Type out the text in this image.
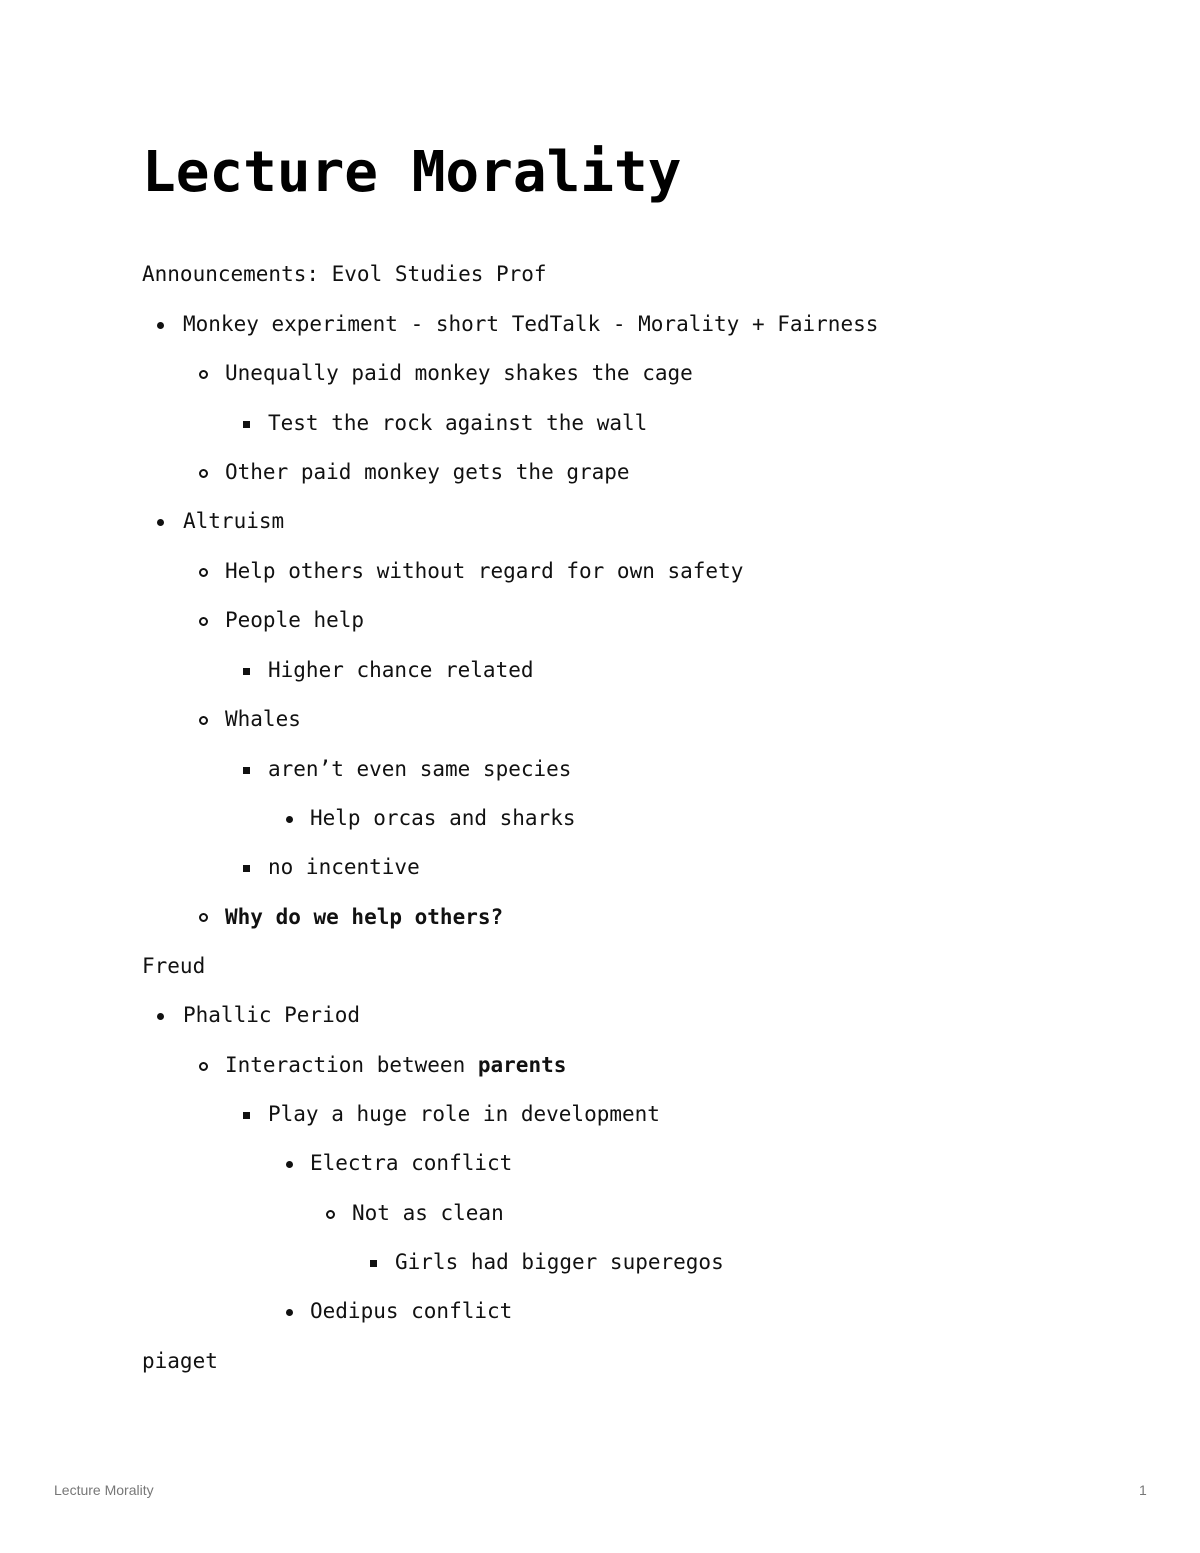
Lecture Morality
Announcements: Evol Studies Prof
Monkey experiment - short TedTalk - Morality + Fairness
Unequally paid monkey shakes the cage
Test the rock against the wall
Other paid monkey gets the grape
Altruism
Help others without regard for own safety
People help
Higher chance related
Whales
aren’t even same species
Help orcas and sharks
no incentive
Why do we help others?
Freud
Phallic Period
Interaction between parents
Play a huge role in development
Electra conflict
Not as clean
Girls had bigger superegos
Oedipus conflict
piaget
Lecture Morality	1
